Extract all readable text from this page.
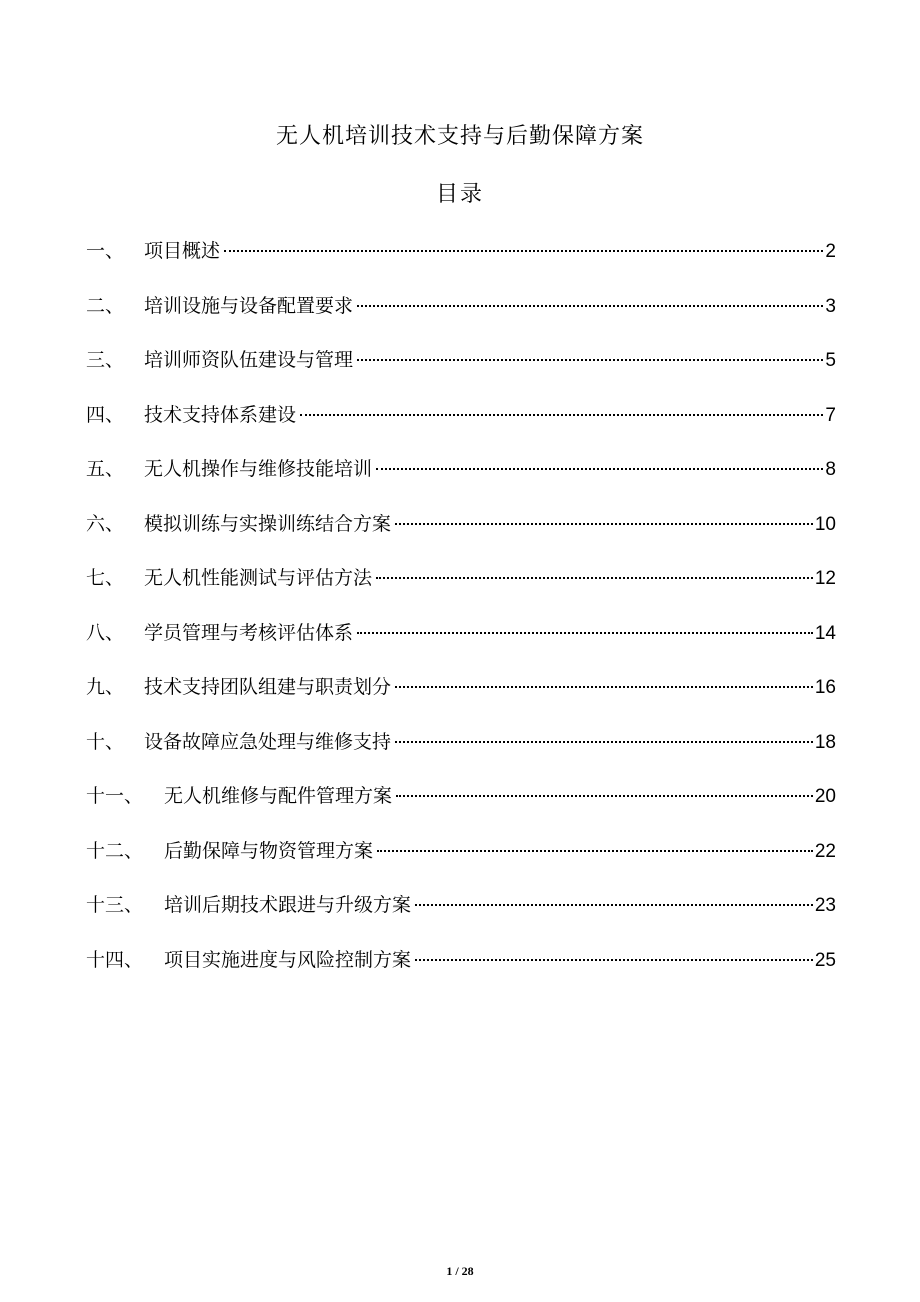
无人机培训技术支持与后勤保障方案
目录
一、	项目概述	2
二、	培训设施与设备配置要求	3
三、	培训师资队伍建设与管理	5
四、	技术支持体系建设	7
五、	无人机操作与维修技能培训	8
六、	模拟训练与实操训练结合方案	10
七、	无人机性能测试与评估方法	12
八、	学员管理与考核评估体系	14
九、	技术支持团队组建与职责划分	16
十、	设备故障应急处理与维修支持	18
十一、	无人机维修与配件管理方案	20
十二、	后勤保障与物资管理方案	22
十三、	培训后期技术跟进与升级方案	23
十四、	项目实施进度与风险控制方案	25
1 / 28
